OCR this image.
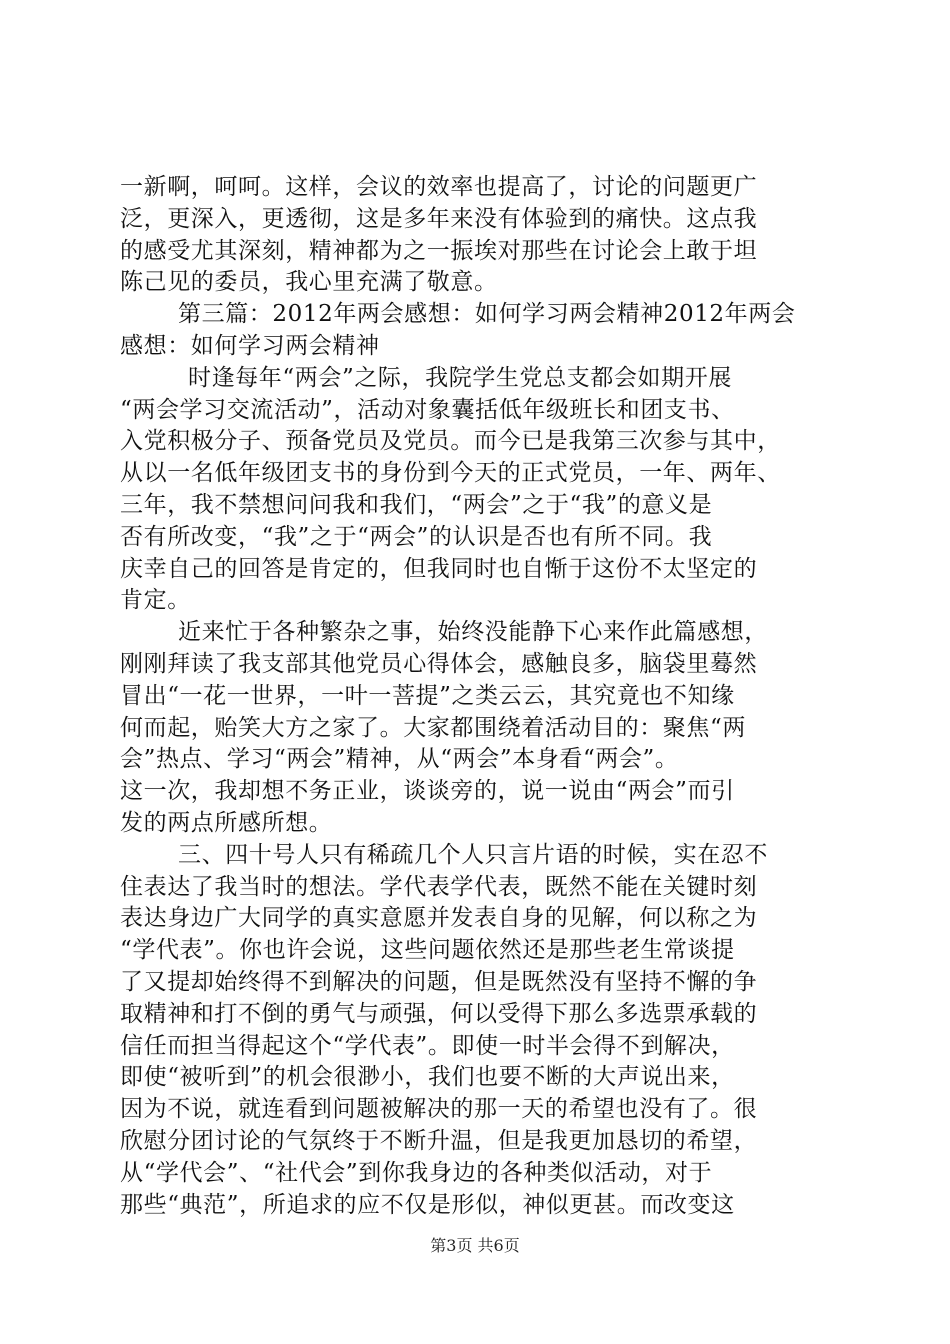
一新啊，呵呵。这样，会议的效率也提高了，讨论的问题更广
泛，更深入，更透彻，这是多年来没有体验到的痛快。这点我
的感受尤其深刻，精神都为之一振埃对那些在讨论会上敢于坦
陈己见的委员，我心里充满了敬意。
第三篇：2012年两会感想：如何学习两会精神2012年两会
感想：如何学习两会精神
时逢每年“两会”之际，我院学生党总支都会如期开展
“两会学习交流活动”，活动对象囊括低年级班长和团支书、
入党积极分子、预备党员及党员。而今已是我第三次参与其中，
从以一名低年级团支书的身份到今天的正式党员，一年、两年、
三年，我不禁想问问我和我们，“两会”之于“我”的意义是
否有所改变，“我”之于“两会”的认识是否也有所不同。我
庆幸自己的回答是肯定的，但我同时也自惭于这份不太坚定的
肯定。
近来忙于各种繁杂之事，始终没能静下心来作此篇感想，
刚刚拜读了我支部其他党员心得体会，感触良多，脑袋里蓦然
冒出“一花一世界，一叶一菩提”之类云云，其究竟也不知缘
何而起，贻笑大方之家了。大家都围绕着活动目的：聚焦“两
会”热点、学习“两会”精神，从“两会”本身看“两会”。
这一次，我却想不务正业，谈谈旁的，说一说由“两会”而引
发的两点所感所想。
三、四十号人只有稀疏几个人只言片语的时候，实在忍不
住表达了我当时的想法。学代表学代表，既然不能在关键时刻
表达身边广大同学的真实意愿并发表自身的见解，何以称之为
“学代表”。你也许会说，这些问题依然还是那些老生常谈提
了又提却始终得不到解决的问题，但是既然没有坚持不懈的争
取精神和打不倒的勇气与顽强，何以受得下那么多选票承载的
信任而担当得起这个“学代表”。即使一时半会得不到解决，
即使“被听到”的机会很渺小，我们也要不断的大声说出来，
因为不说，就连看到问题被解决的那一天的希望也没有了。很
欣慰分团讨论的气氛终于不断升温，但是我更加恳切的希望，
从“学代会”、“社代会”到你我身边的各种类似活动，对于
那些“典范”，所追求的应不仅是形似，神似更甚。而改变这
第3页 共6页
